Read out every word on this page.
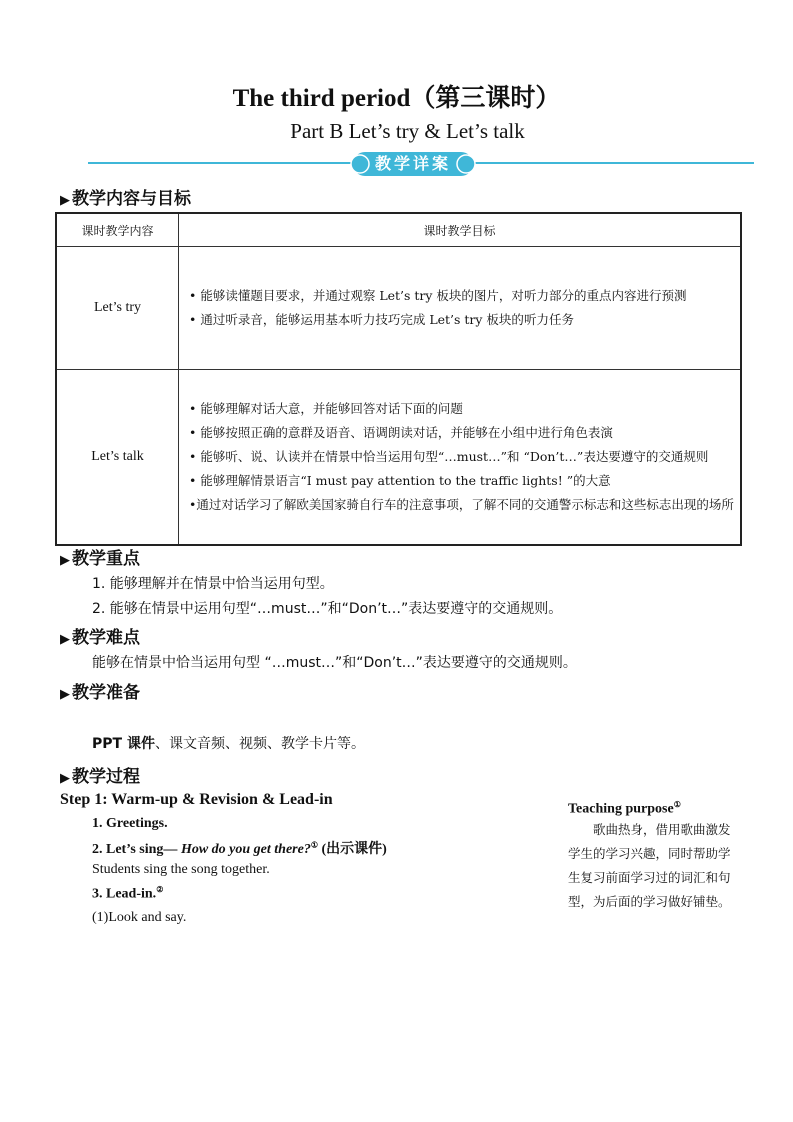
The third period（第三课时）
Part B Let’s try & Let’s talk
教学详案
▶ 教学内容与目标
课时教学内容	课时教学目标
Let’s try	• 能够读懂题目要求，并通过观察 Let’s try 板块的图片，对听力部分的重点内容进行预测
• 通过听录音，能够运用基本听力技巧完成 Let’s try 板块的听力任务

Let’s talk	• 能够理解对话大意，并能够回答对话下面的问题
• 能够按照正确的意群及语音、语调朗读对话，并能够在小组中进行角色表演
• 能够听、说、认读并在情景中恰当运用句型“…must…”和 “Don’t…”表达要遵守的交通规则
• 能够理解情景语言“I must pay attention to the traffic lights! ”的大意
•通过对话学习了解欧美国家骑自行车的注意事项，了解不同的交通警示标志和这些标志出现的场所
▶ 教学重点
1. 能够理解并在情景中恰当运用句型。
2. 能够在情景中运用句型“…must…”和“Don’t…”表达要遵守的交通规则。
▶ 教学难点
能够在情景中恰当运用句型 “…must…”和“Don’t…”表达要遵守的交通规则。
▶ 教学准备
PPT 课件、课文音频、视频、教学卡片等。
▶ 教学过程
Step 1: Warm-up & Revision & Lead-in
1. Greetings.
2. Let’s sing— How do you get there?① (出示课件)
Students sing the song together.
3. Lead-in.②
(1)Look and say.
Teaching purpose①
歌曲热身，借用歌曲激发学生的学习兴趣，同时帮助学生复习前面学习过的词汇和句型，为后面的学习做好铺垫。
